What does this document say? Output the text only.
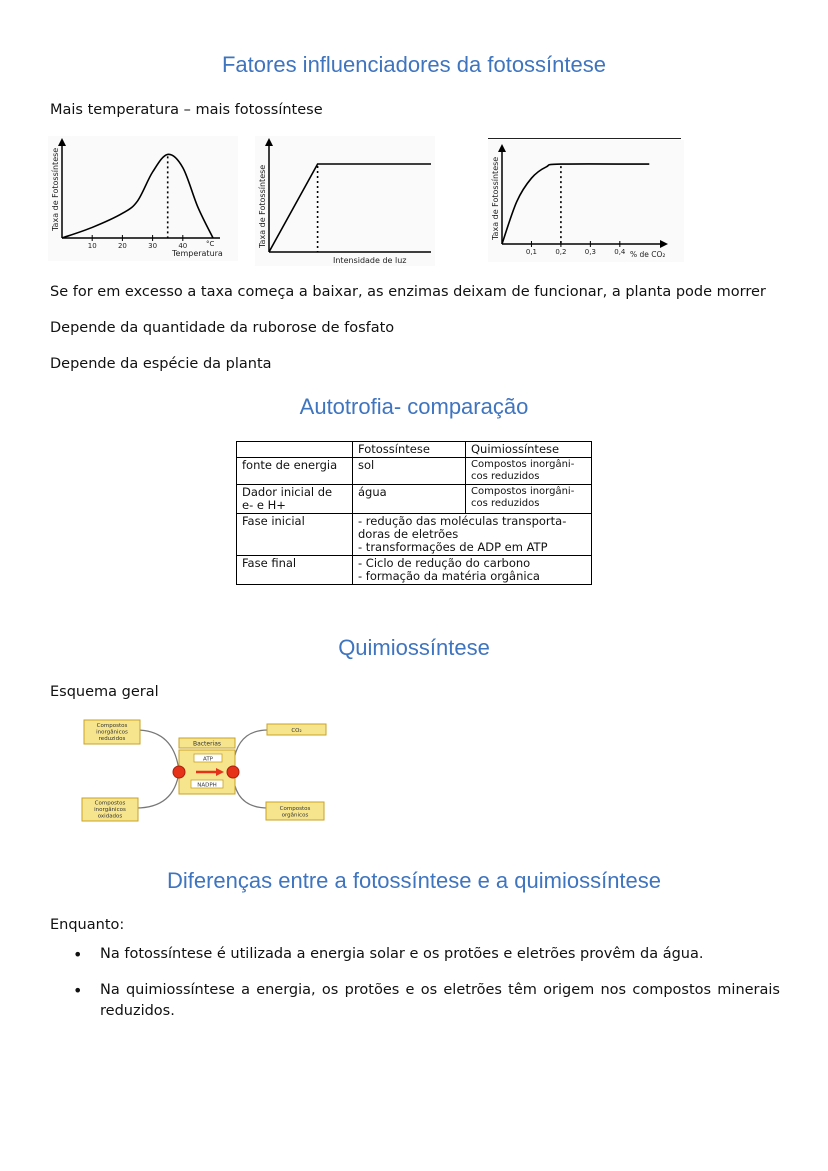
Fatores influenciadores da fotossíntese

Mais temperatura – mais fotossíntese

Taxa de Fotossíntese
Temperatura
°C
10	20	30	40	Taxa de Fotossíntese
Intensidade de luz
Taxa de Fotossíntese
% de CO₂
0,1	0,2	0,3	0,4

Se for em excesso a taxa começa a baixar, as enzimas deixam de funcionar, a planta pode morrer

Depende da quantidade da ruborose de fosfato

Depende da espécie da planta

Autotrofia- comparação
	Fotossíntese	Quimiossíntese
fonte de energia	sol	Compostos inorgâni-
cos reduzidos
Dador inicial de
e- e H+	água	Compostos inorgâni-
cos reduzidos
Fase inicial	- redução das moléculas transporta-
doras de eletrões
- transformações de ADP em ATP	
Fase final	- Ciclo de redução do carbono
- formação da matéria orgânica	
Quimiossíntese

Esquema geral

Compostos
inorgânicos
reduzidos
Compostos
inorgânicos
oxidados
CO₂
Compostos
orgânicos
Bacterias
ATP
NADPH
Diferenças entre a fotossíntese e a quimiossíntese

Enquanto:

• Na fotossíntese é utilizada a energia solar e os protões e eletrões provêm da água.
• Na quimiossíntese a energia, os protões e os eletrões têm origem nos compostos minerais reduzidos.
